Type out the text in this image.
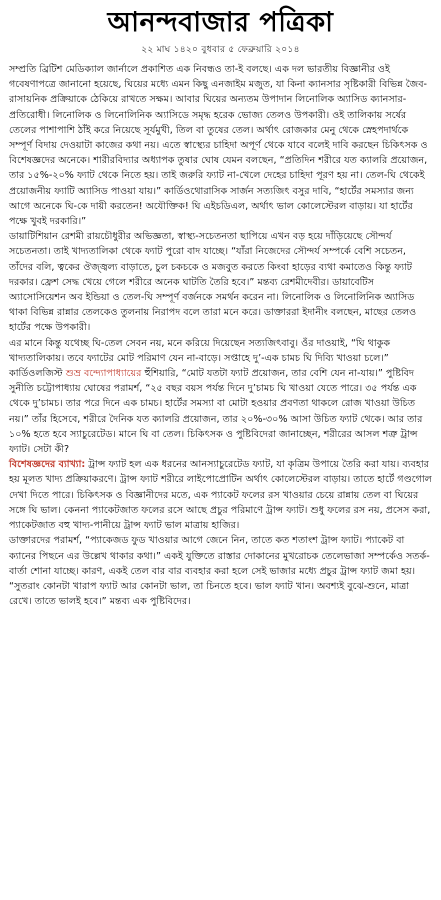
আনন্দবাজার পত্রিকা
২২ মাঘ ১৪২০ বুধবার ৫ ফেব্রুয়ারি ২০১৪

সম্প্রতি ব্রিটিশ মেডিক্যাল জার্নালে প্রকাশিত এক নিবন্ধও তা-ই বলছে। এক দল ভারতীয় বিজ্ঞানীর ওই গবেষণাপত্রে জানানো হয়েছে, ঘিয়ের মধ্যে এমন কিছু এনজাইম মজুত, যা কিনা ক্যানসার সৃষ্টিকারী বিভিন্ন জৈব-রাসায়নিক প্রক্রিয়াকে ঠেকিয়ে রাখতে সক্ষম। আবার ঘিয়ের অন্যতম উপাদান লিনোলিক অ্যাসিড ক্যানসার-প্রতিরোধী। লিনোলিক ও লিনোলিনিক অ্যাসিডে সমৃদ্ধ হরেক ভোজ্য তেলও উপকারী। ওই তালিকায় সর্ষের তেলের পাশাপাশি ঠাঁই করে নিয়েছে সূর্যমুখী, তিল বা তুষের তেল। অর্থাৎ রোজকার মেনু থেকে স্নেহপদার্থকে সম্পূর্ণ বিদায় দেওয়াটা কাজের কথা নয়। এতে স্বাস্থ্যের চাহিদা অপূর্ণ থেকে যাবে বলেই দাবি করছেন চিকিৎসক ও বিশেষজ্ঞদের অনেকে। শারীরবিদ্যার অধ্যাপক তুষার ঘোষ যেমন বলছেন, “প্রতিদিন শরীরে যত ক্যালরি প্রয়োজন, তার ১৫%-২০% ফ্যাট থেকে নিতে হয়। তাই জরুরি ফ্যাট না-খেলে দেহের চাহিদা পূরণ হয় না। তেল-ঘি থেকেই প্রয়োজনীয় ফ্যাটি অ্যাসিড পাওয়া যায়।” কার্ডিওথোরাসিক সার্জন সত্যজিৎ বসুর দাবি, “হার্টের সমস্যার জন্য আগে অনেকে ঘি-কে দায়ী করতেন! অযৌক্তিক! ঘি এইচডিএল, অর্থাৎ ভাল কোলেস্টেরল বাড়ায়। যা হার্টের পক্ষে খুবই দরকারি।”

ডায়াটিশিয়ান রেশমী রায়চৌধুরীর অভিজ্ঞতা, স্বাস্থ্য-সচেতনতা ছাপিয়ে এখন বড় হয়ে দাঁড়িয়েছে সৌন্দর্য সচেতনতা। তাই খাদ্যতালিকা থেকে ফ্যাট পুরো বাদ যাচ্ছে। “যাঁরা নিজেদের সৌন্দর্য সম্পর্কে বেশি সচেতন, তাঁদের বলি, ত্বকের ঔজ্জ্বল্য বাড়াতে, চুল চকচকে ও মজবুত করতে কিংবা হাড়ের ব্যথা কমাতেও কিন্তু ফ্যাট দরকার। ফ্রেশ সেদ্ধ খেয়ে গেলে শরীরে অনেক ঘাটতি তৈরি হবে।” মন্তব্য রেশমীদেবীর। ডায়াবেটিস অ্যাসোসিয়েশন অব ইন্ডিয়া ও তেল-ঘি সম্পূর্ণ বর্জনকে সমর্থন করেন না। লিনোলিক ও লিনোলিনিক অ্যাসিড থাকা বিভিন্ন রান্নার তেলকেও তুলনায় নিরাপদ বলে তারা মনে করে। ডাক্তাররা ইদানীং বলছেন, মাছের তেলও হার্টের পক্ষে উপকারী।

এর মানে কিন্তু যথেচ্ছ ঘি-তেল সেবন নয়, মনে করিয়ে দিয়েছেন সত্যজিৎবাবু। ওঁর দাওয়াই, “ঘি থাকুক খাদ্যতালিকায়। তবে ফ্যাটের মোট পরিমাণ যেন না-বাড়ে। সপ্তাহে দু’-এক চামচ ঘি দিব্যি খাওয়া চলে।” কার্ডিওলজিস্ট শুভ্র বন্দ্যোপাধ্যায়ের হুঁশিয়ারি, “মোট যতটা ফ্যাট প্রয়োজন, তার বেশি যেন না-যায়।” পুষ্টিবিদ সুনীতি চট্টোপাধ্যায় ঘোষের পরামর্শ, “২৫ বছর বয়স পর্যন্ত দিনে দু’চামচ ঘি খাওয়া যেতে পারে। ৩৫ পর্যন্ত এক থেকে দু’চামচ। তার পরে দিনে এক চামচ। হার্টের সমস্যা বা মোটা হওয়ার প্রবণতা থাকলে রোজ খাওয়া উচিত নয়।” তাঁর হিসেবে, শরীরে দৈনিক যত ক্যালরি প্রয়োজন, তার ২০%-৩০% আসা উচিত ফ্যাট থেকে। আর তার ১০% হতে হবে স্যাচুরেটেড। মানে ঘি বা তেল। চিকিৎসক ও পুষ্টিবিদেরা জানাচ্ছেন, শরীরের আসল শত্রু ট্রান্স ফ্যাট। সেটা কী?

বিশেষজ্ঞদের ব্যাখ্যা: ট্রান্স ফ্যাট হল এক ধরনের আনস্যাচুরেটেড ফ্যাট, যা কৃত্রিম উপায়ে তৈরি করা যায়। ব্যবহার হয় মূলত খাদ্য প্রক্রিয়াকরণে। ট্রান্স ফ্যাট শরীরে লাইপোপ্রোটিন অর্থাৎ কোলেস্টেরল বাড়ায়। তাতে হার্টে গণ্ডগোল দেখা দিতে পারে। চিকিৎসক ও বিজ্ঞানীদের মতে, এক প্যাকেট ফলের রস খাওয়ার চেয়ে রান্নায় তেল বা ঘিয়ের সঙ্গে ঘি ভাল। কেননা প্যাকেটজাত ফলের রসে আছে প্রচুর পরিমাণে ট্রান্স ফ্যাট। শুধু ফলের রস নয়, প্রসেস করা, প্যাকেটজাত বহু খাদ্য-পানীয়ে ট্রান্স ফ্যাট ভাল মাত্রায় হাজির।

ডাক্তারদের পরামর্শ, “প্যাকেজড ফুড খাওয়ার আগে জেনে নিন, তাতে কত শতাংশ ট্রান্স ফ্যাট। প্যাকেট বা ক্যানের পিছনে এর উল্লেখ থাকার কথা।” একই যুক্তিতে রাস্তার দোকানের মুখরোচক তেলেভাজা সম্পর্কেও সতর্ক-বার্তা শোনা যাচ্ছে। কারণ, একই তেল বার বার ব্যবহার করা হলে সেই ভাজার মধ্যে প্রচুর ট্রান্স ফ্যাট জমা হয়। “সুতরাং কোনটা খারাপ ফ্যাট আর কোনটা ভাল, তা চিনতে হবে। ভাল ফ্যাট খান। অবশ্যই বুঝে-শুনে, মাত্রা রেখে। তাতে ভালই হবে।” মন্তব্য এক পুষ্টিবিদের।
